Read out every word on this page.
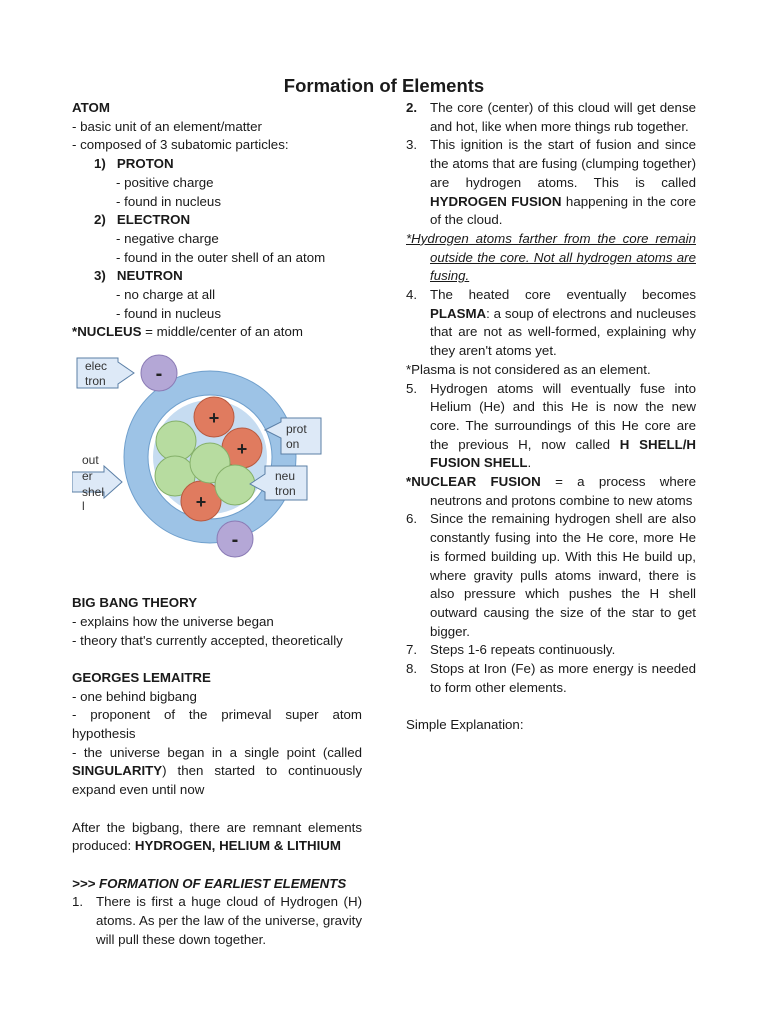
Formation of Elements

ATOM

- basic unit of an element/matter

- composed of 3 subatomic particles:

1) PROTON

- positive charge

- found in nucleus

2) ELECTRON

- negative charge

- found in the outer shell of an atom

3) NEUTRON

- no charge at all

- found in nucleus

*NUCLEUS = middle/center of an atom

+
+
+
-
-
elec tron
prot on
neu tron
out er shel l

BIG BANG THEORY

- explains how the universe began

- theory that's currently accepted, theoretically

GEORGES LEMAITRE

- one behind bigbang

- proponent of the primeval super atom hypothesis

- the universe began in a single point (called SINGULARITY) then started to continuously expand even until now

After the bigbang, there are remnant elements produced: HYDROGEN, HELIUM & LITHIUM

>>> FORMATION OF EARLIEST ELEMENTS

1. There is first a huge cloud of Hydrogen (H) atoms. As per the law of the universe, gravity will pull these down together.
2. The core (center) of this cloud will get dense and hot, like when more things rub together.
3. This ignition is the start of fusion and since the atoms that are fusing (clumping together) are hydrogen atoms. This is called HYDROGEN FUSION happening in the core of the cloud.

*Hydrogen atoms farther from the core remain outside the core. Not all hydrogen atoms are fusing.

4. The heated core eventually becomes PLASMA: a soup of electrons and nucleuses that are not as well-formed, explaining why they aren't atoms yet.

*Plasma is not considered as an element.

5. Hydrogen atoms will eventually fuse into Helium (He) and this He is now the new core. The surroundings of this He core are the previous H, now called H SHELL/H FUSION SHELL.

*NUCLEAR FUSION = a process where neutrons and protons combine to new atoms

6. Since the remaining hydrogen shell are also constantly fusing into the He core, more He is formed building up. With this He build up, where gravity pulls atoms inward, there is also pressure which pushes the H shell outward causing the size of the star to get bigger.
7. Steps 1-6 repeats continuously.
8. Stops at Iron (Fe) as more energy is needed to form other elements.

Simple Explanation:
